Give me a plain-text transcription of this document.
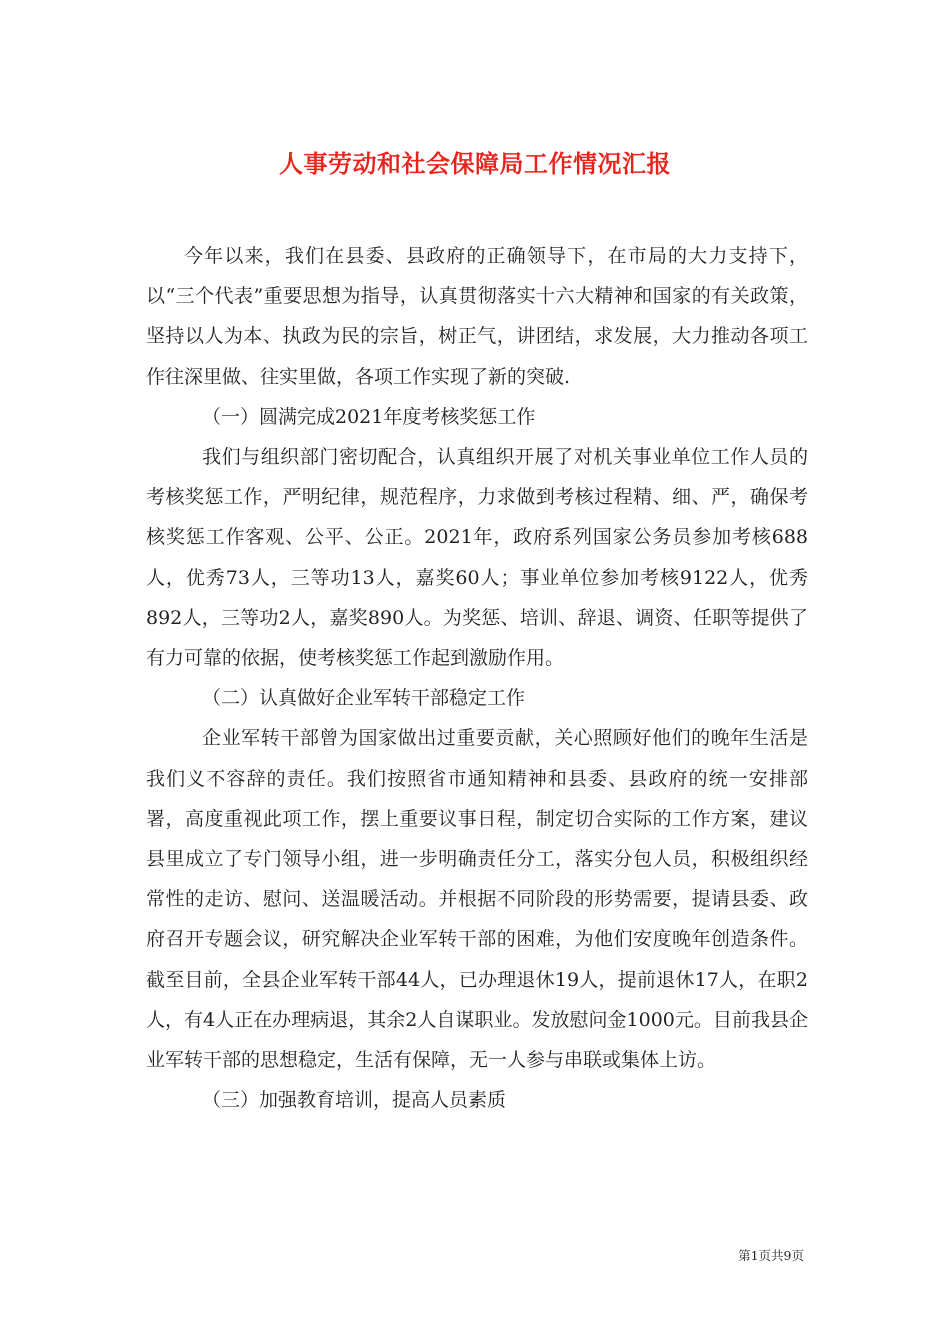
人事劳动和社会保障局工作情况汇报

今年以来，我们在县委、县政府的正确领导下，在市局的大力支持下，以“三个代表”重要思想为指导，认真贯彻落实十六大精神和国家的有关政策，坚持以人为本、执政为民的宗旨，树正气，讲团结，求发展，大力推动各项工作往深里做、往实里做，各项工作实现了新的突破.

（一）圆满完成2021年度考核奖惩工作

我们与组织部门密切配合，认真组织开展了对机关事业单位工作人员的考核奖惩工作，严明纪律，规范程序，力求做到考核过程精、细、严，确保考核奖惩工作客观、公平、公正。2021年，政府系列国家公务员参加考核688人，优秀73人，三等功13人，嘉奖60人；事业单位参加考核9122人，优秀892人，三等功2人，嘉奖890人。为奖惩、培训、辞退、调资、任职等提供了有力可靠的依据，使考核奖惩工作起到激励作用。

（二）认真做好企业军转干部稳定工作

企业军转干部曾为国家做出过重要贡献，关心照顾好他们的晚年生活是我们义不容辞的责任。我们按照省市通知精神和县委、县政府的统一安排部署，高度重视此项工作，摆上重要议事日程，制定切合实际的工作方案，建议县里成立了专门领导小组，进一步明确责任分工，落实分包人员，积极组织经常性的走访、慰问、送温暖活动。并根据不同阶段的形势需要，提请县委、政府召开专题会议，研究解决企业军转干部的困难，为他们安度晚年创造条件。截至目前，全县企业军转干部44人，已办理退休19人，提前退休17人，在职2人，有4人正在办理病退，其余2人自谋职业。发放慰问金1000元。目前我县企业军转干部的思想稳定，生活有保障，无一人参与串联或集体上访。

（三）加强教育培训，提高人员素质

第1页共9页
